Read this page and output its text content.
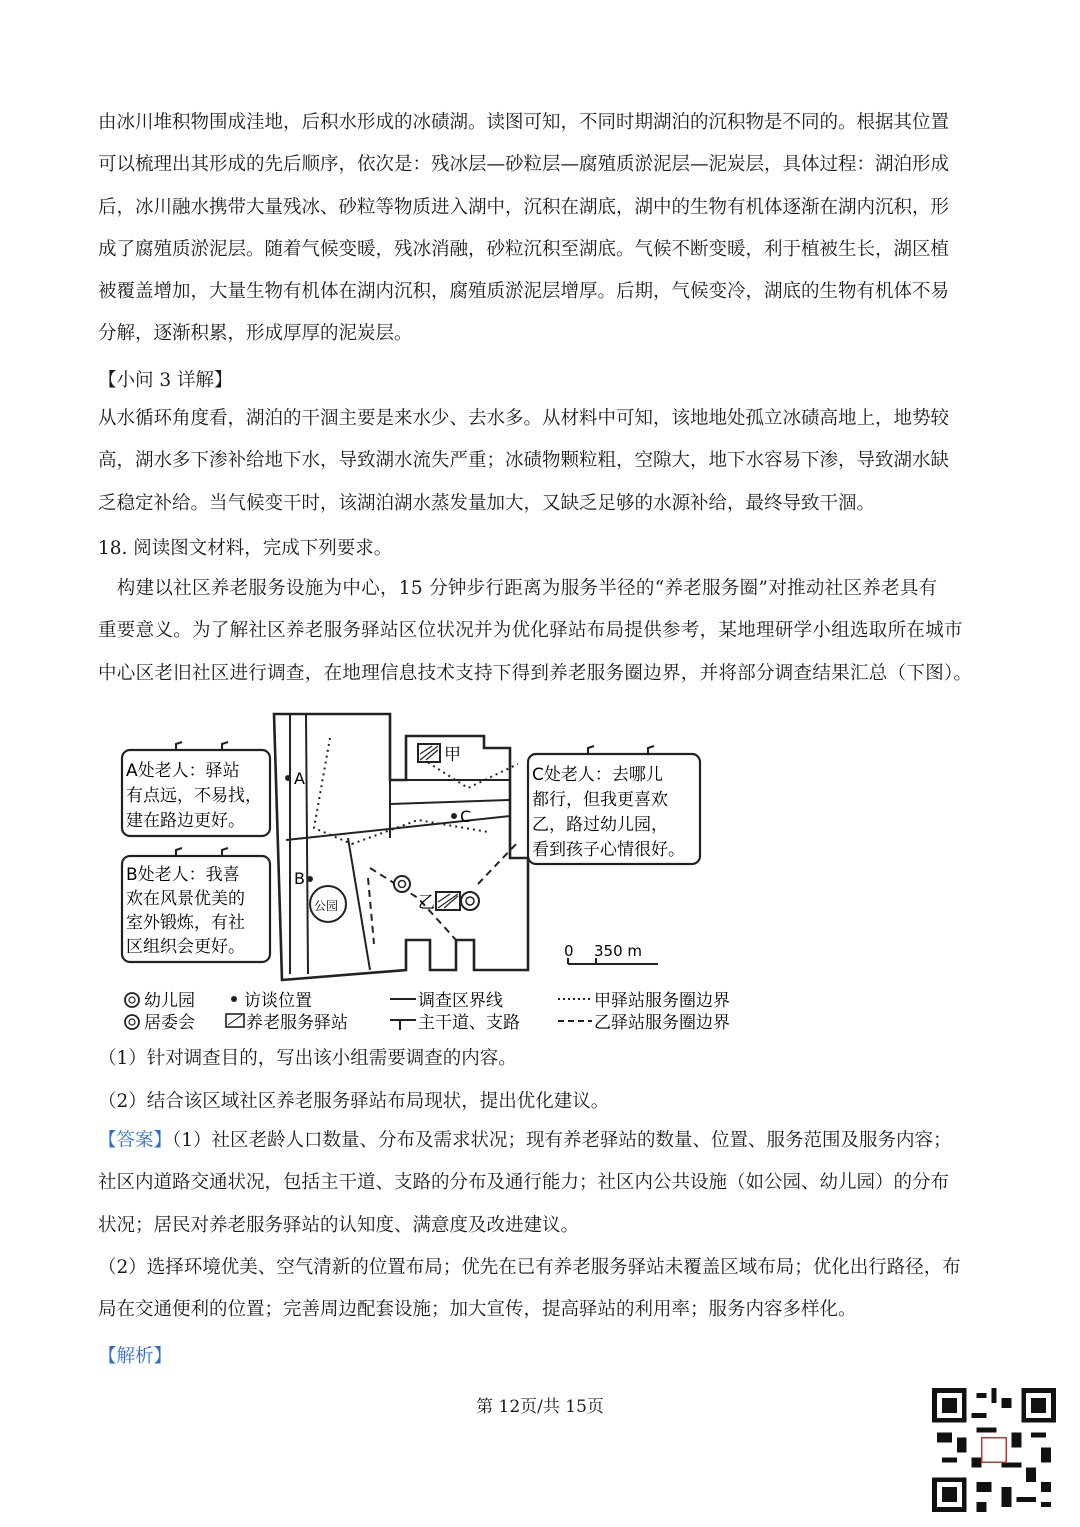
由冰川堆积物围成洼地，后积水形成的冰碛湖。读图可知，不同时期湖泊的沉积物是不同的。根据其位置
可以梳理出其形成的先后顺序，依次是：残冰层—砂粒层—腐殖质淤泥层—泥炭层，具体过程：湖泊形成
后，冰川融水携带大量残冰、砂粒等物质进入湖中，沉积在湖底，湖中的生物有机体逐渐在湖内沉积，形
成了腐殖质淤泥层。随着气候变暖，残冰消融，砂粒沉积至湖底。气候不断变暖，利于植被生长，湖区植
被覆盖增加，大量生物有机体在湖内沉积，腐殖质淤泥层增厚。后期，气候变冷，湖底的生物有机体不易
分解，逐渐积累，形成厚厚的泥炭层。
【小问 3 详解】
从水循环角度看，湖泊的干涸主要是来水少、去水多。从材料中可知，该地地处孤立冰碛高地上，地势较
高，湖水多下渗补给地下水，导致湖水流失严重；冰碛物颗粒粗，空隙大，地下水容易下渗，导致湖水缺
乏稳定补给。当气候变干时，该湖泊湖水蒸发量加大，又缺乏足够的水源补给，最终导致干涸。
18. 阅读图文材料，完成下列要求。
　构建以社区养老服务设施为中心，15 分钟步行距离为服务半径的“养老服务圈”对推动社区养老具有
重要意义。为了解社区养老服务驿站区位状况并为优化驿站布局提供参考，某地理研学小组选取所在城市
中心区老旧社区进行调查，在地理信息技术支持下得到养老服务圈边界，并将部分调查结果汇总（下图）。
A处老人：驿站
有点远，不易找，
建在路边更好。
B处老人：我喜
欢在风景优美的
室外锻炼，有社
区组织会更好。
C处老人：去哪儿
都行，但我更喜欢
乙，路过幼儿园，
看到孩子心情很好。
甲
乙
公园
A
B
C
0 350 m
幼儿园
居委会
访谈位置
养老服务驿站
调查区界线
主干道、支路
甲驿站服务圈边界
乙驿站服务圈边界
（1）针对调查目的，写出该小组需要调查的内容。
（2）结合该区域社区养老服务驿站布局现状，提出优化建议。
【答案】（1）社区老龄人口数量、分布及需求状况；现有养老驿站的数量、位置、服务范围及服务内容；
社区内道路交通状况，包括主干道、支路的分布及通行能力；社区内公共设施（如公园、幼儿园）的分布
状况；居民对养老服务驿站的认知度、满意度及改进建议。
（2）选择环境优美、空气清新的位置布局；优先在已有养老服务驿站未覆盖区域布局；优化出行路径，布
局在交通便利的位置；完善周边配套设施；加大宣传，提高驿站的利用率；服务内容多样化。
【解析】
第 12页/共 15页
